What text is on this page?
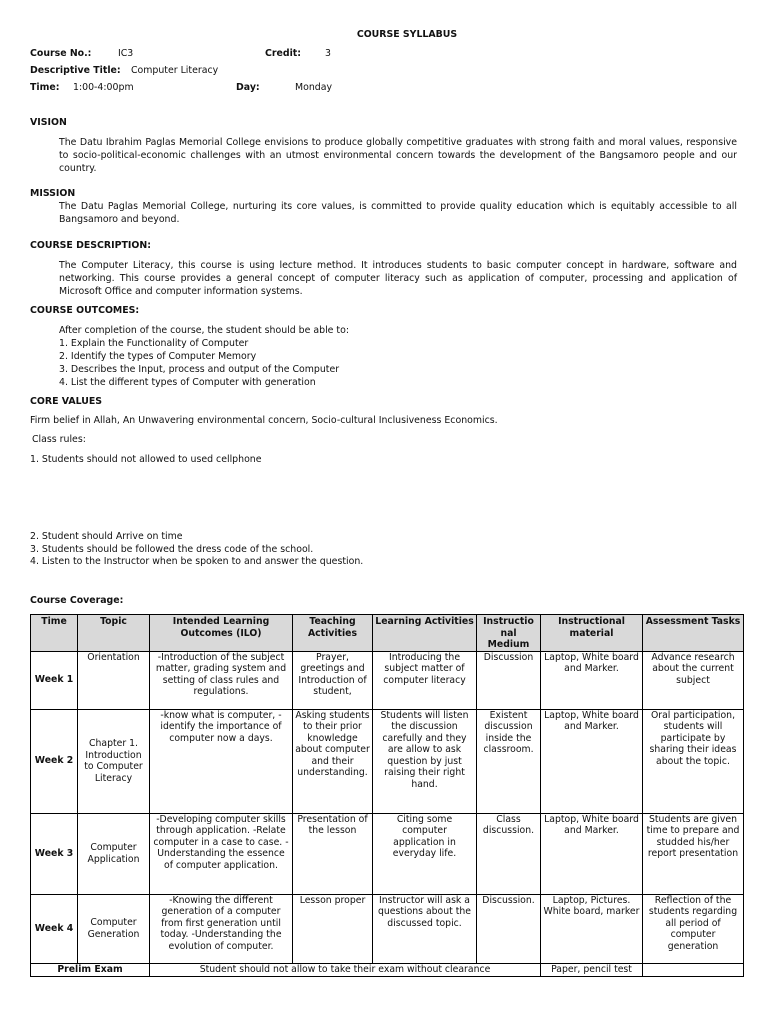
COURSE SYLLABUS
Course No.:	IC3	Credit:	3
Descriptive Title: Computer Literacy
Time: 1:00-4:00pm	Day:	Monday
VISION
The Datu Ibrahim Paglas Memorial College envisions to produce globally competitive graduates with strong faith and moral values, responsive to socio-political-economic challenges with an utmost environmental concern towards the development of the Bangsamoro people and our country.
MISSION
The Datu Paglas Memorial College, nurturing its core values, is committed to provide quality education which is equitably accessible to all Bangsamoro and beyond.
COURSE DESCRIPTION:
The Computer Literacy, this course is using lecture method. It introduces students to basic computer concept in hardware, software and networking. This course provides a general concept of computer literacy such as application of computer, processing and application of Microsoft Office and computer information systems.
COURSE OUTCOMES:
After completion of the course, the student should be able to:
1. Explain the Functionality of Computer
2. Identify the types of Computer Memory
3. Describes the Input, process and output of the Computer
4. List the different types of Computer with generation
CORE VALUES
Firm belief in Allah, An Unwavering environmental concern, Socio-cultural Inclusiveness Economics.
Class rules:
1. Students should not allowed to used cellphone
2. Student should Arrive on time
3. Students should be followed the dress code of the school.
4. Listen to the Instructor when be spoken to and answer the question.
Course Coverage:
Time	Topic	Intended Learning Outcomes (ILO)	Teaching Activities	Learning Activities	Instructio nal Medium	Instructional material	Assessment Tasks
Week 1	Orientation	-Introduction of the subject matter, grading system and setting of class rules and regulations.	Prayer, greetings and Introduction of student,	Introducing the subject matter of computer literacy	Discussion	Laptop, White board and Marker.	Advance research about the current subject
Week 2	Chapter 1. Introduction to Computer Literacy	-know what is computer, -identify the importance of computer now a days.	Asking students to their prior knowledge about computer and their understanding.	Students will listen the discussion carefully and they are allow to ask question by just raising their right hand.	Existent discussion inside the classroom.	Laptop, White board and Marker.	Oral participation, students will participate by sharing their ideas about the topic.
Week 3	Computer Application	-Developing computer skills through application. -Relate computer in a case to case. -Understanding the essence of computer application.	Presentation of the lesson	Citing some computer application in everyday life.	Class discussion.	Laptop, White board and Marker.	Students are given time to prepare and studded his/her report presentation
Week 4	Computer Generation	-Knowing the different generation of a computer from first generation until today. -Understanding the evolution of computer.	Lesson proper	Instructor will ask a questions about the discussed topic.	Discussion.	Laptop, Pictures. White board, marker	Reflection of the students regarding all period of computer generation
Prelim Exam		Student should not allow to take their exam without clearance				Paper, pencil test	
